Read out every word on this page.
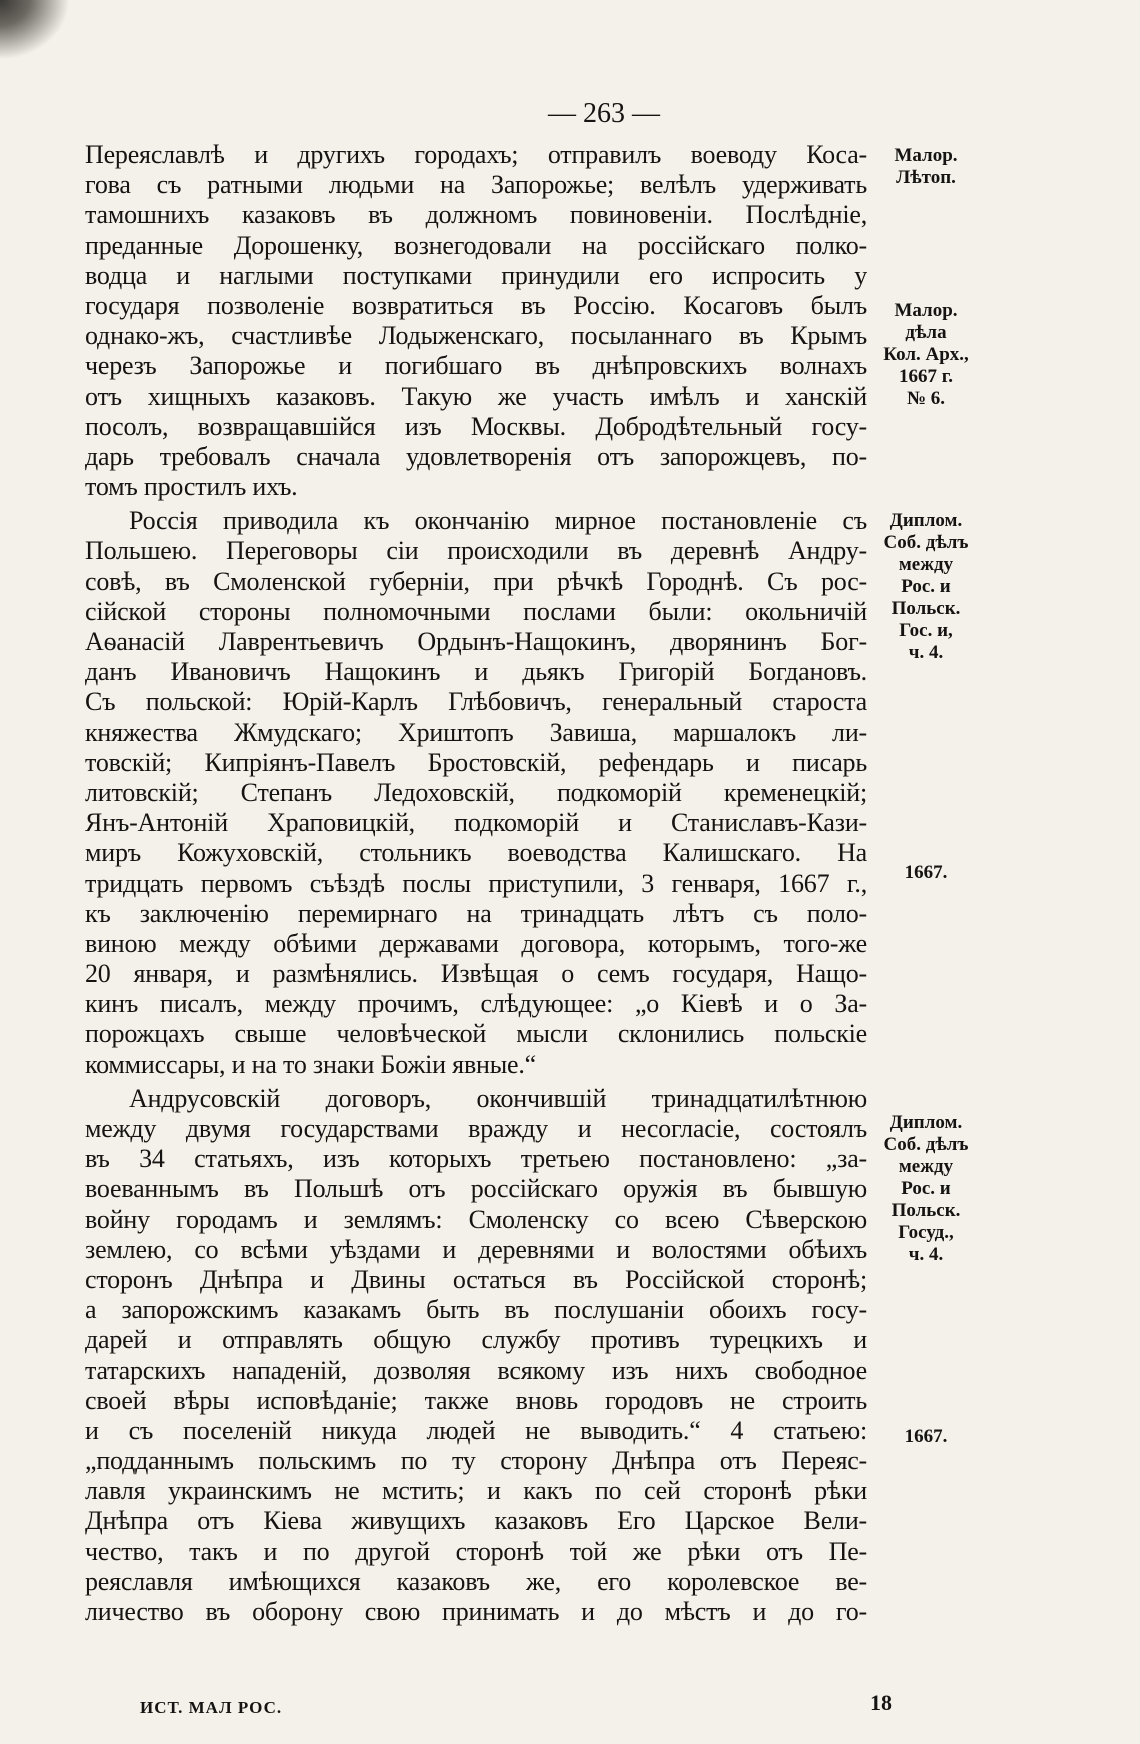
— 263 —
Переяславлѣ и другихъ городахъ; отправилъ воеводу Коса-
гова съ ратными людьми на Запорожье; велѣлъ удерживать
тамошнихъ казаковъ въ должномъ повиновеніи. Послѣдніе,
преданные Дорошенку, вознегодовали на россійскаго полко-
водца и наглыми поступками принудили его испросить у
государя позволеніе возвратиться въ Россію. Косаговъ былъ
однако-жъ, счастливѣе Лодыженскаго, посыланнаго въ Крымъ
черезъ Запорожье и погибшаго въ днѣпровскихъ волнахъ
отъ хищныхъ казаковъ. Такую же участь имѣлъ и ханскій
посолъ, возвращавшійся изъ Москвы. Добродѣтельный госу-
дарь требовалъ сначала удовлетворенія отъ запорожцевъ, по-
томъ простилъ ихъ.
Россія приводила къ окончанію мирное постановленіе съ
Польшею. Переговоры сіи происходили въ деревнѣ Андру-
совѣ, въ Смоленской губерніи, при рѣчкѣ Городнѣ. Съ рос-
сійской стороны полномочными послами были: окольничій
Аѳанасій Лаврентьевичъ Ордынъ-Нащокинъ, дворянинъ Бог-
данъ Ивановичъ Нащокинъ и дьякъ Григорій Богдановъ.
Съ польской: Юрій-Карлъ Глѣбовичъ, генеральный староста
княжества Жмудскаго; Хриштопъ Завиша, маршалокъ ли-
товскій; Кипріянъ-Павелъ Бростовскій, рефендарь и писарь
литовскій; Степанъ Ледоховскій, подкоморій кременецкій;
Янъ-Антоній Храповицкій, подкоморій и Станиславъ-Кази-
миръ Кожуховскій, стольникъ воеводства Калишскаго. На
тридцать первомъ съѣздѣ послы приступили, 3 генваря, 1667 г.,
къ заключенію перемирнаго на тринадцать лѣтъ съ поло-
виною между обѣими державами договора, которымъ, того-же
20 января, и размѣнялись. Извѣщая о семъ государя, Нащо-
кинъ писалъ, между прочимъ, слѣдующее: „о Кіевѣ и о За-
порожцахъ свыше человѣческой мысли склонились польскіе
коммиссары, и на то знаки Божіи явные.“
Андрусовскій договоръ, окончившій тринадцатилѣтнюю
между двумя государствами вражду и несогласіе, состоялъ
въ 34 статьяхъ, изъ которыхъ третьею постановлено: „за-
воеваннымъ въ Польшѣ отъ россійскаго оружія въ бывшую
войну городамъ и землямъ: Смоленску со всею Сѣверскою
землею, со всѣми уѣздами и деревнями и волостями обѣихъ
сторонъ Днѣпра и Двины остаться въ Россійской сторонѣ;
а запорожскимъ казакамъ быть въ послушаніи обоихъ госу-
дарей и отправлять общую службу противъ турецкихъ и
татарскихъ нападеній, дозволяя всякому изъ нихъ свободное
своей вѣры исповѣданіе; также вновь городовъ не строить
и съ поселеній никуда людей не выводить.“ 4 статьею:
„подданнымъ польскимъ по ту сторону Днѣпра отъ Переяс-
лавля украинскимъ не мстить; и какъ по сей сторонѣ рѣки
Днѣпра отъ Кіева живущихъ казаковъ Его Царское Вели-
чество, такъ и по другой сторонѣ той же рѣки отъ Пе-
реяславля имѣющихся казаковъ же, его королевское ве-
личество въ оборону свою принимать и до мѣстъ и до го-
Малор.
Лѣтоп.
Малор.
дѣла
Кол. Арх.,
1667 г.
№ 6.
Диплом.
Соб. дѣлъ
между
Рос. и
Польск.
Гос. и,
ч. 4.
1667.
Диплом.
Соб. дѣлъ
между
Рос. и
Польск.
Госуд.,
ч. 4.
1667.
ИСТ. МАЛ РОС.	18
